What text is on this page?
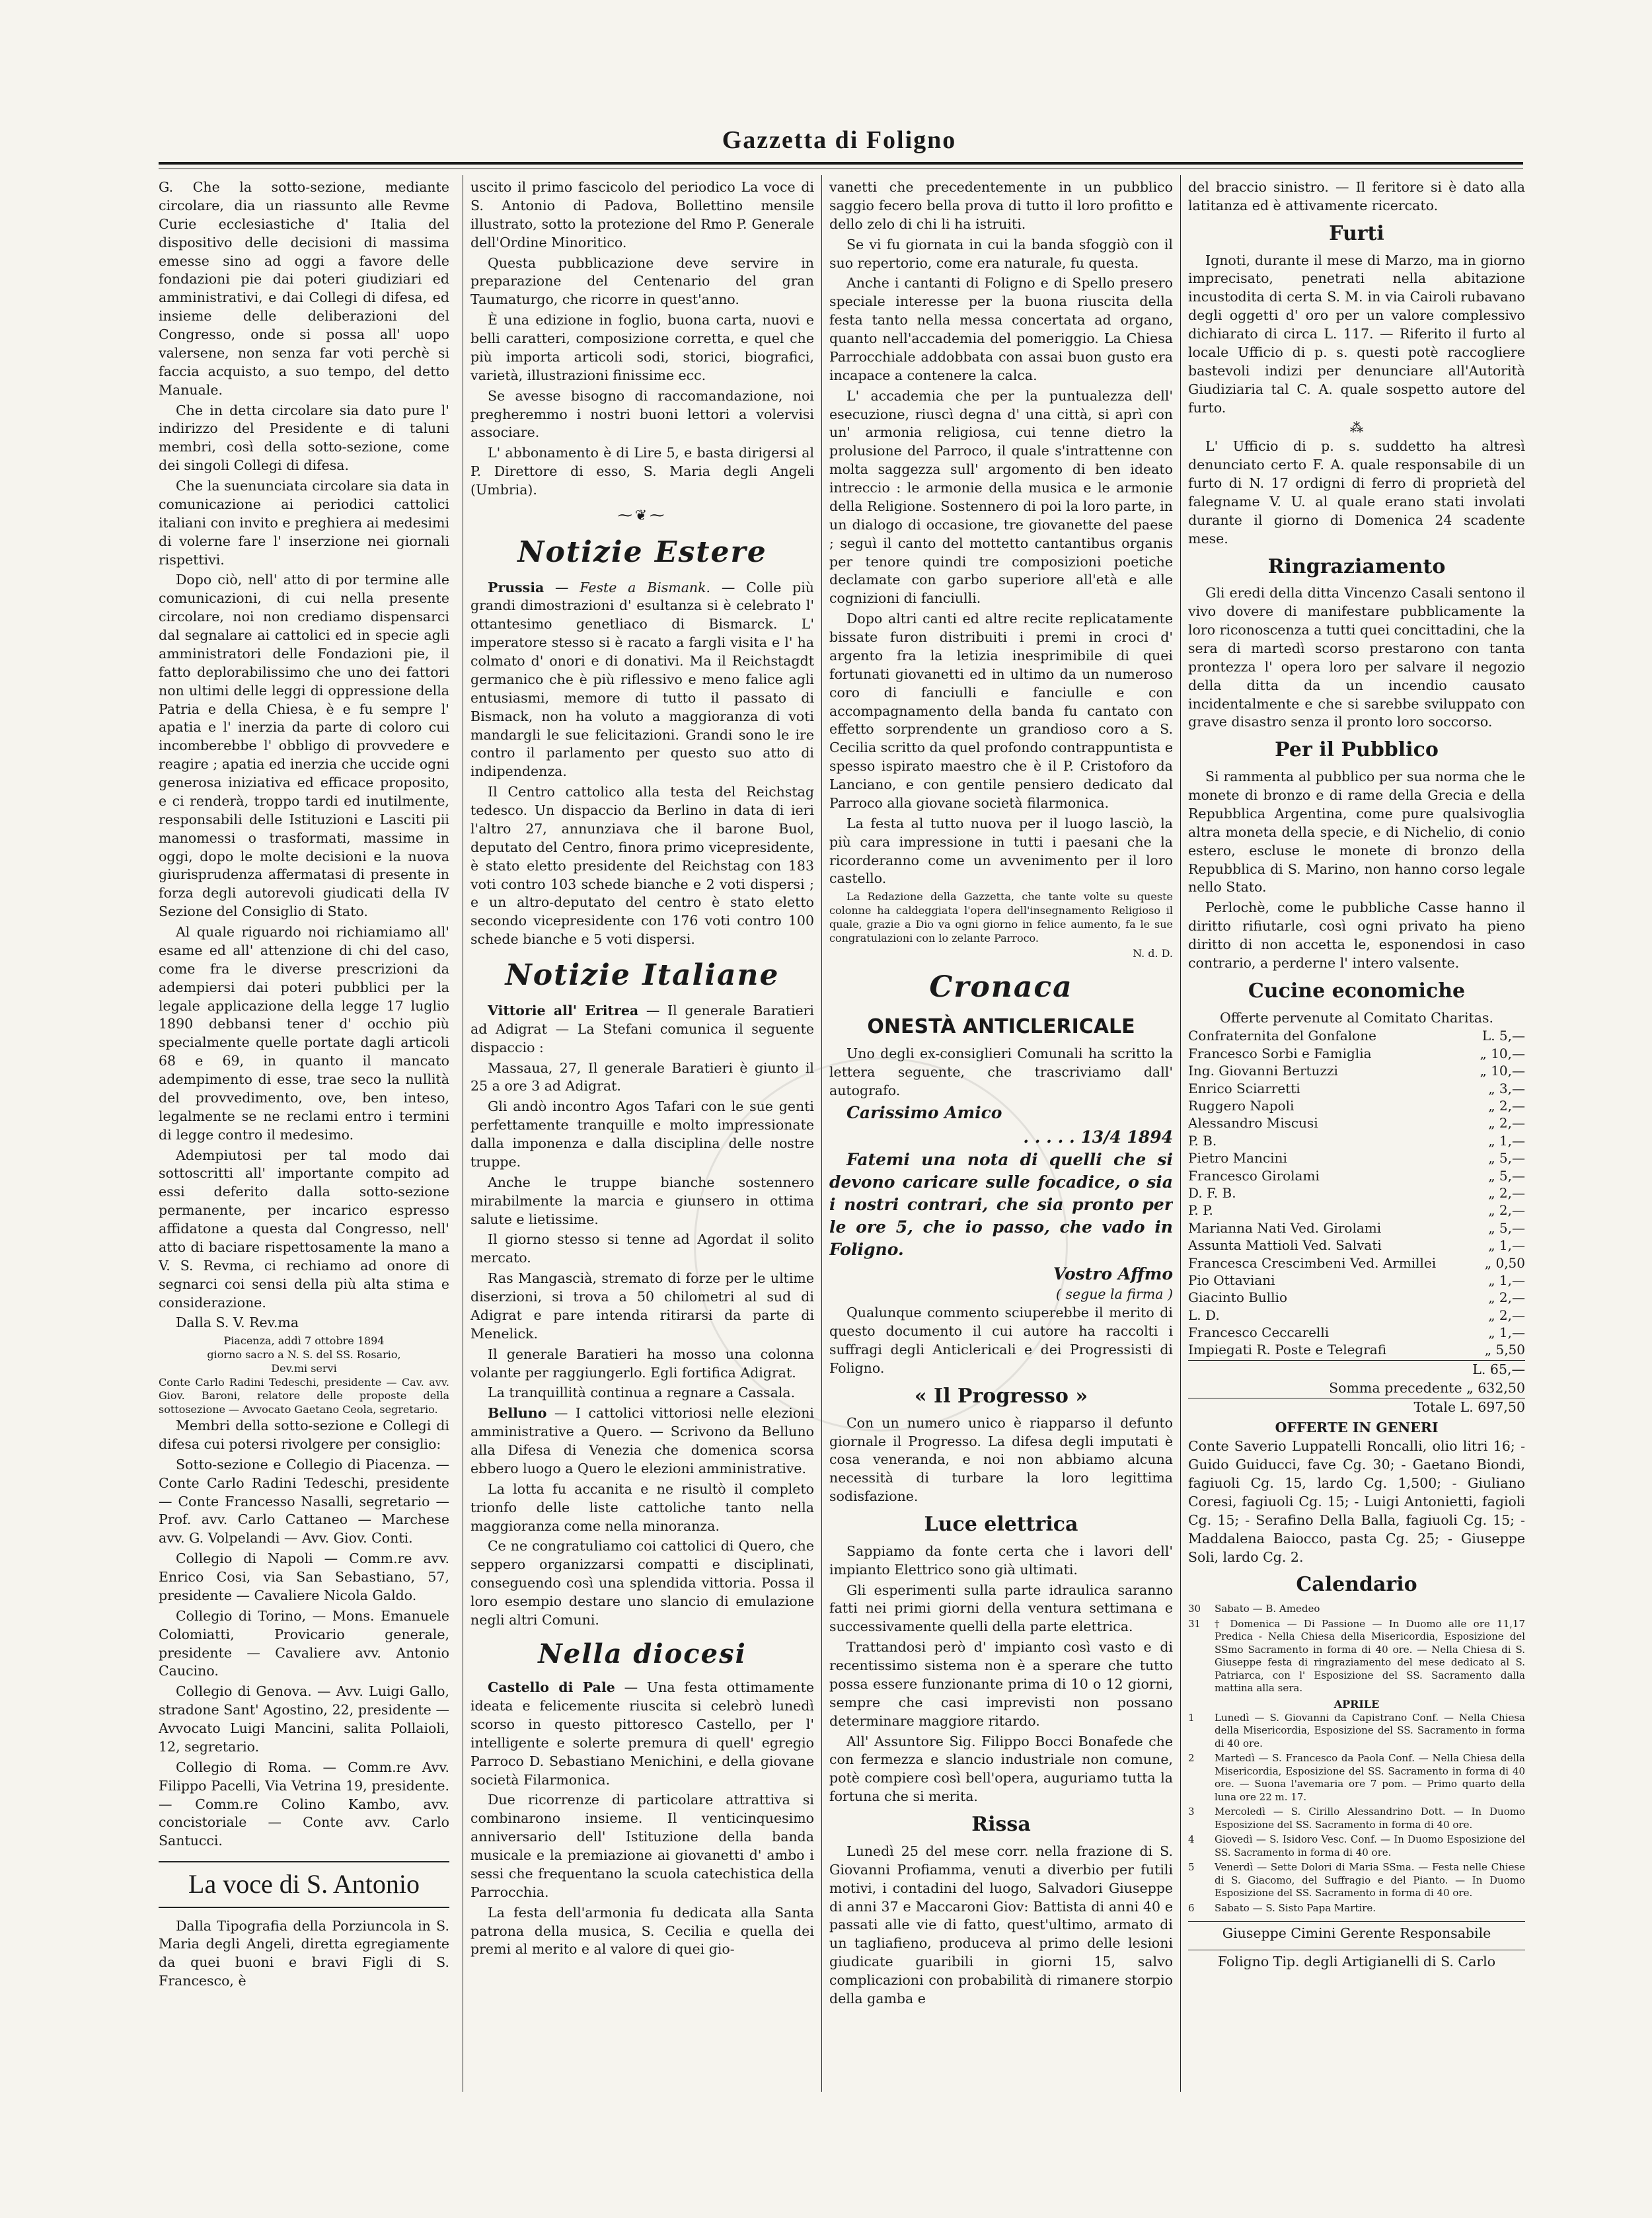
Gazzetta di Foligno

G. Che la sotto-sezione, mediante circolare, dia un riassunto alle Revme Curie ecclesiastiche d' Italia del dispositivo delle decisioni di massima emesse sino ad oggi a favore delle fondazioni pie dai poteri giudiziari ed amministrativi, e dai Collegi di difesa, ed insieme delle deliberazioni del Congresso, onde si possa all' uopo valersene, non senza far voti perchè si faccia acquisto, a suo tempo, del detto Manuale.

Che in detta circolare sia dato pure l' indirizzo del Presidente e di taluni membri, così della sotto-sezione, come dei singoli Collegi di difesa.

Che la suenunciata circolare sia data in comunicazione ai periodici cattolici italiani con invito e preghiera ai medesimi di volerne fare l' inserzione nei giornali rispettivi.

Dopo ciò, nell' atto di por termine alle comunicazioni, di cui nella presente circolare, noi non crediamo dispensarci dal segnalare ai cattolici ed in specie agli amministratori delle Fondazioni pie, il fatto deplorabilissimo che uno dei fattori non ultimi delle leggi di oppressione della Patria e della Chiesa, è e fu sempre l' apatia e l' inerzia da parte di coloro cui incomberebbe l' obbligo di provvedere e reagire ; apatia ed inerzia che uccide ogni generosa iniziativa ed efficace proposito, e ci renderà, troppo tardi ed inutilmente, responsabili delle Istituzioni e Lasciti pii manomessi o trasformati, massime in oggi, dopo le molte decisioni e la nuova giurisprudenza affermatasi di presente in forza degli autorevoli giudicati della IV Sezione del Consiglio di Stato.

Al quale riguardo noi richiamiamo all' esame ed all' attenzione di chi del caso, come fra le diverse prescrizioni da adempiersi dai poteri pubblici per la legale applicazione della legge 17 luglio 1890 debbansi tener d' occhio più specialmente quelle portate dagli articoli 68 e 69, in quanto il mancato adempimento di esse, trae seco la nullità del provvedimento, ove, ben inteso, legalmente se ne reclami entro i termini di legge contro il medesimo.

Adempiutosi per tal modo dai sottoscritti all' importante compito ad essi deferito dalla sotto-sezione permanente, per incarico espresso affidatone a questa dal Congresso, nell' atto di baciare rispettosamente la mano a V. S. Revma, ci rechiamo ad onore di segnarci coi sensi della più alta stima e considerazione.

Dalla S. V. Rev.ma

Piacenza, addì 7 ottobre 1894
giorno sacro a N. S. del SS. Rosario,
Dev.mi servi
Conte Carlo Radini Tedeschi, presidente — Cav. avv. Giov. Baroni, relatore delle proposte della sottosezione — Avvocato Gaetano Ceola, segretario.

Membri della sotto-sezione e Collegi di difesa cui potersi rivolgere per consiglio:

Sotto-sezione e Collegio di Piacenza. — Conte Carlo Radini Tedeschi, presidente — Conte Francesso Nasalli, segretario — Prof. avv. Carlo Cattaneo — Marchese avv. G. Volpelandi — Avv. Giov. Conti.

Collegio di Napoli — Comm.re avv. Enrico Cosi, via San Sebastiano, 57, presidente — Cavaliere Nicola Galdo.

Collegio di Torino, — Mons. Emanuele Colomiatti, Provicario generale, presidente — Cavaliere avv. Antonio Caucino.

Collegio di Genova. — Avv. Luigi Gallo, stradone Sant' Agostino, 22, presidente — Avvocato Luigi Mancini, salita Pollaioli, 12, segretario.

Collegio di Roma. — Comm.re Avv. Filippo Pacelli, Via Vetrina 19, presidente. — Comm.re Colino Kambo, avv. concistoriale — Conte avv. Carlo Santucci.

La voce di S. Antonio

Dalla Tipografia della Porziuncola in S. Maria degli Angeli, diretta egregiamente da quei buoni e bravi Figli di S. Francesco, è

uscito il primo fascicolo del periodico La voce di S. Antonio di Padova, Bollettino mensile illustrato, sotto la protezione del Rmo P. Generale dell'Ordine Minoritico.

Questa pubblicazione deve servire in preparazione del Centenario del gran Taumaturgo, che ricorre in quest'anno.

È una edizione in foglio, buona carta, nuovi e belli caratteri, composizione corretta, e quel che più importa articoli sodi, storici, biografici, varietà, illustrazioni finissime ecc.

Se avesse bisogno di raccomandazione, noi pregheremmo i nostri buoni lettori a volervisi associare.

L' abbonamento è di Lire 5, e basta dirigersi al P. Direttore di esso, S. Maria degli Angeli (Umbria).

⁓❦⁓
Notizie Estere

Prussia — Feste a Bismank. — Colle più grandi dimostrazioni d' esultanza si è celebrato l' ottantesimo genetliaco di Bismarck. L' imperatore stesso si è racato a fargli visita e l' ha colmato d' onori e di donativi. Ma il Reichstagdt germanico che è più riflessivo e meno falice agli entusiasmi, memore di tutto il passato di Bismack, non ha voluto a maggioranza di voti mandargli le sue felicitazioni. Grandi sono le ire contro il parlamento per questo suo atto di indipendenza.

Il Centro cattolico alla testa del Reichstag tedesco. Un dispaccio da Berlino in data di ieri l'altro 27, annunziava che il barone Buol, deputato del Centro, finora primo vicepresidente, è stato eletto presidente del Reichstag con 183 voti contro 103 schede bianche e 2 voti dispersi ; e un altro-deputato del centro è stato eletto secondo vicepresidente con 176 voti contro 100 schede bianche e 5 voti dispersi.

Notizie Italiane

Vittorie all' Eritrea — Il generale Baratieri ad Adigrat — La Stefani comunica il seguente dispaccio :

Massaua, 27, Il generale Baratieri è giunto il 25 a ore 3 ad Adigrat.

Gli andò incontro Agos Tafari con le sue genti perfettamente tranquille e molto impressionate dalla imponenza e dalla disciplina delle nostre truppe.

Anche le truppe bianche sostennero mirabilmente la marcia e giunsero in ottima salute e lietissime.

Il giorno stesso si tenne ad Agordat il solito mercato.

Ras Mangascià, stremato di forze per le ultime diserzioni, si trova a 50 chilometri al sud di Adigrat e pare intenda ritirarsi da parte di Menelick.

Il generale Baratieri ha mosso una colonna volante per raggiungerlo. Egli fortifica Adigrat.

La tranquillità continua a regnare a Cassala.

Belluno — I cattolici vittoriosi nelle elezioni amministrative a Quero. — Scrivono da Belluno alla Difesa di Venezia che domenica scorsa ebbero luogo a Quero le elezioni amministrative.

La lotta fu accanita e ne risultò il completo trionfo delle liste cattoliche tanto nella maggioranza come nella minoranza.

Ce ne congratuliamo coi cattolici di Quero, che seppero organizzarsi compatti e disciplinati, conseguendo così una splendida vittoria. Possa il loro esempio destare uno slancio di emulazione negli altri Comuni.

Nella diocesi

Castello di Pale — Una festa ottimamente ideata e felicemente riuscita si celebrò lunedì scorso in questo pittoresco Castello, per l' intelligente e solerte premura di quell' egregio Parroco D. Sebastiano Menichini, e della giovane società Filarmonica.

Due ricorrenze di particolare attrattiva si combinarono insieme. Il venticinquesimo anniversario dell' Istituzione della banda musicale e la premiazione ai giovanetti d' ambo i sessi che frequentano la scuola catechistica della Parrocchia.

La festa dell'armonia fu dedicata alla Santa patrona della musica, S. Cecilia e quella dei premi al merito e al valore di quei gio-

vanetti che precedentemente in un pubblico saggio fecero bella prova di tutto il loro profitto e dello zelo di chi li ha istruiti.

Se vi fu giornata in cui la banda sfoggiò con il suo repertorio, come era naturale, fu questa.

Anche i cantanti di Foligno e di Spello presero speciale interesse per la buona riuscita della festa tanto nella messa concertata ad organo, quanto nell'accademia del pomeriggio. La Chiesa Parrocchiale addobbata con assai buon gusto era incapace a contenere la calca.

L' accademia che per la puntualezza dell' esecuzione, riuscì degna d' una città, si aprì con un' armonia religiosa, cui tenne dietro la prolusione del Parroco, il quale s'intrattenne con molta saggezza sull' argomento di ben ideato intreccio : le armonie della musica e le armonie della Religione. Sostennero di poi la loro parte, in un dialogo di occasione, tre giovanette del paese ; seguì il canto del mottetto cantantibus organis per tenore quindi tre composizioni poetiche declamate con garbo superiore all'età e alle cognizioni di fanciulli.

Dopo altri canti ed altre recite replicatamente bissate furon distribuiti i premi in croci d' argento fra la letizia inesprimibile di quei fortunati giovanetti ed in ultimo da un numeroso coro di fanciulli e fanciulle e con accompagnamento della banda fu cantato con effetto sorprendente un grandioso coro a S. Cecilia scritto da quel profondo contrappuntista e spesso ispirato maestro che è il P. Cristoforo da Lanciano, e con gentile pensiero dedicato dal Parroco alla giovane società filarmonica.

La festa al tutto nuova per il luogo lasciò, la più cara impressione in tutti i paesani che la ricorderanno come un avvenimento per il loro castello.

La Redazione della Gazzetta, che tante volte su queste colonne ha caldeggiata l'opera dell'insegnamento Religioso il quale, grazie a Dio va ogni giorno in felice aumento, fa le sue congratulazioni con lo zelante Parroco.

N. d. D.
Cronaca
ONESTÀ ANTICLERICALE

Uno degli ex-consiglieri Comunali ha scritto la lettera seguente, che trascriviamo dall' autografo.

Carissimo Amico

. . . . . 13/4 1894

Fatemi una nota di quelli che si devono caricare sulle focadice, o sia i nostri contrari, che sia pronto per le ore 5, che io passo, che vado in Foligno.

Vostro Affmo
( segue la firma )

Qualunque commento sciuperebbe il merito di questo documento il cui autore ha raccolti i suffragi degli Anticlericali e dei Progressisti di Foligno.

« Il Progresso »

Con un numero unico è riapparso il defunto giornale il Progresso. La difesa degli imputati è cosa veneranda, e noi non abbiamo alcuna necessità di turbare la loro legittima sodisfazione.

Luce elettrica

Sappiamo da fonte certa che i lavori dell' impianto Elettrico sono già ultimati.

Gli esperimenti sulla parte idraulica saranno fatti nei primi giorni della ventura settimana e successivamente quelli della parte elettrica.

Trattandosi però d' impianto così vasto e di recentissimo sistema non è a sperare che tutto possa essere funzionante prima di 10 o 12 giorni, sempre che casi imprevisti non possano determinare maggiore ritardo.

All' Assuntore Sig. Filippo Bocci Bonafede che con fermezza e slancio industriale non comune, potè compiere così bell'opera, auguriamo tutta la fortuna che si merita.

Rissa

Lunedì 25 del mese corr. nella frazione di S. Giovanni Profiamma, venuti a diverbio per futili motivi, i contadini del luogo, Salvadori Giuseppe di anni 37 e Maccaroni Giov: Battista di anni 40 e passati alle vie di fatto, quest'ultimo, armato di un tagliafieno, produceva al primo delle lesioni giudicate guaribili in giorni 15, salvo complicazioni con probabilità di rimanere storpio della gamba e

del braccio sinistro. — Il feritore si è dato alla latitanza ed è attivamente ricercato.

Furti

Ignoti, durante il mese di Marzo, ma in giorno imprecisato, penetrati nella abitazione incustodita di certa S. M. in via Cairoli rubavano degli oggetti d' oro per un valore complessivo dichiarato di circa L. 117. — Riferito il furto al locale Ufficio di p. s. questi potè raccogliere bastevoli indizi per denunciare all'Autorità Giudiziaria tal C. A. quale sospetto autore del furto.

⁂

L' Ufficio di p. s. suddetto ha altresì denunciato certo F. A. quale responsabile di un furto di N. 17 ordigni di ferro di proprietà del falegname V. U. al quale erano stati involati durante il giorno di Domenica 24 scadente mese.

Ringraziamento

Gli eredi della ditta Vincenzo Casali sentono il vivo dovere di manifestare pubblicamente la loro riconoscenza a tutti quei concittadini, che la sera di martedì scorso prestarono con tanta prontezza l' opera loro per salvare il negozio della ditta da un incendio causato incidentalmente e che si sarebbe sviluppato con grave disastro senza il pronto loro soccorso.

Per il Pubblico

Si rammenta al pubblico per sua norma che le monete di bronzo e di rame della Grecia e della Repubblica Argentina, come pure qualsivoglia altra moneta della specie, e di Nichelio, di conio estero, escluse le monete di bronzo della Repubblica di S. Marino, non hanno corso legale nello Stato.

Perlochè, come le pubbliche Casse hanno il diritto rifiutarle, così ogni privato ha pieno diritto di non accetta le, esponendosi in caso contrario, a perderne l' intero valsente.

Cucine economiche
Offerte pervenute al Comitato Charitas.
Confraternita del Gonfalone	L. 5,—
Francesco Sorbi e Famiglia	„ 10,—
Ing. Giovanni Bertuzzi	„ 10,—
Enrico Sciarretti	„ 3,—
Ruggero Napoli	„ 2,—
Alessandro Miscusi	„ 2,—
P. B.	„ 1,—
Pietro Mancini	„ 5,—
Francesco Girolami	„ 5,—
D. F. B.	„ 2,—
P. P.	„ 2,—
Marianna Nati Ved. Girolami	„ 5,—
Assunta Mattioli Ved. Salvati	„ 1,—
Francesca Crescimbeni Ved. Armillei	„ 0,50
Pio Ottaviani	„ 1,—
Giacinto Bullio	„ 2,—
L. D.	„ 2,—
Francesco Ceccarelli	„ 1,—
Impiegati R. Poste e Telegrafi	„ 5,50
L. 65,—
Somma precedente „ 632,50
Totale L. 697,50
OFFERTE IN GENERI

Conte Saverio Luppatelli Roncalli, olio litri 16; - Guido Guiducci, fave Cg. 30; - Gaetano Biondi, fagiuoli Cg. 15, lardo Cg. 1,500; - Giuliano Coresi, fagiuoli Cg. 15; - Luigi Antonietti, fagioli Cg. 15; - Serafino Della Balla, fagiuoli Cg. 15; - Maddalena Baiocco, pasta Cg. 25; - Giuseppe Soli, lardo Cg. 2.

Calendario
30	Sabato — B. Amedeo
31	† Domenica — Di Passione — In Duomo alle ore 11,17 Predica - Nella Chiesa della Misericordia, Esposizione del SSmo Sacramento in forma di 40 ore. — Nella Chiesa di S. Giuseppe festa di ringraziamento del mese dedicato al S. Patriarca, con l' Esposizione del SS. Sacramento dalla mattina alla sera.
APRILE
1	Lunedì — S. Giovanni da Capistrano Conf. — Nella Chiesa della Misericordia, Esposizione del SS. Sacramento in forma di 40 ore.
2	Martedì — S. Francesco da Paola Conf. — Nella Chiesa della Misericordia, Esposizione del SS. Sacramento in forma di 40 ore. — Suona l'avemaria ore 7 pom. — Primo quarto della luna ore 22 m. 17.
3	Mercoledì — S. Cirillo Alessandrino Dott. — In Duomo Esposizione del SS. Sacramento in forma di 40 ore.
4	Giovedì — S. Isidoro Vesc. Conf. — In Duomo Esposizione del SS. Sacramento in forma di 40 ore.
5	Venerdì — Sette Dolori di Maria SSma. — Festa nelle Chiese di S. Giacomo, del Suffragio e del Pianto. — In Duomo Esposizione del SS. Sacramento in forma di 40 ore.
6	Sabato — S. Sisto Papa Martire.
Giuseppe Cimini Gerente Responsabile
Foligno Tip. degli Artigianelli di S. Carlo
